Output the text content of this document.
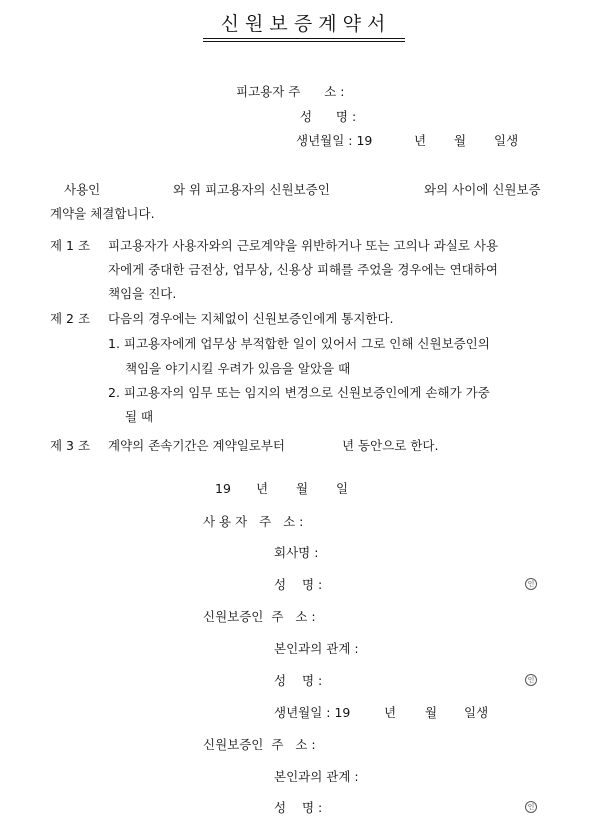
신 원 보 증 계 약 서
피고용자 주      소 :
성      명 :
생년월일 : 19	년 월 일생
사용인	와 위 피고용자의 신원보증인	와의 사이에 신원보증
계약을 체결합니다.
제 1 조 피고용자가 사용자와의 근로계약을 위반하거나 또는 고의나 과실로 사용
자에게 중대한 금전상, 업무상, 신용상 피해를 주었을 경우에는 연대하여
책임을 진다.
제 2 조 다음의 경우에는 지체없이 신원보증인에게 통지한다.
1. 피고용자에게 업무상 부적합한 일이 있어서 그로 인해 신원보증인의
책임을 야기시킬 우려가 있음을 알았을 때
2. 피고용자의 임무 또는 임지의 변경으로 신원보증인에게 손해가 가중
될 때
제 3 조 계약의 존속기간은 계약일로부터	년 동안으로 한다.
19 년 월 일
사 용 자   주   소 :
회사명 :
성    명 :	인
신원보증인  주   소 :
본인과의 관계 :
성    명 :	인
생년월일 : 19	년 월 일생
신원보증인  주   소 :
본인과의 관계 :
성    명 :	인
